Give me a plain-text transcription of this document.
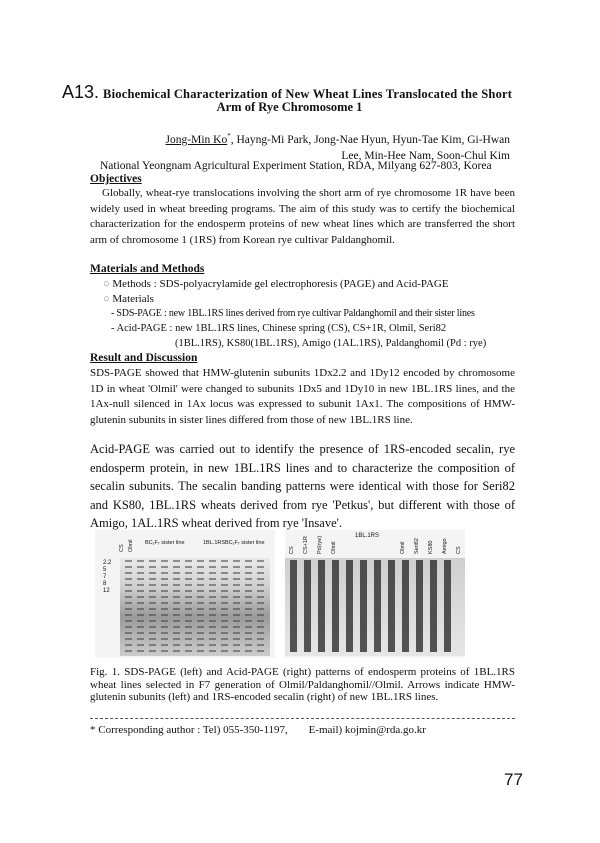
A13. Biochemical Characterization of New Wheat Lines Translocated the Short
Arm of Rye Chromosome 1
Jong-Min Ko*, Hayng-Mi Park, Jong-Nae Hyun, Hyun-Tae Kim, Gi-Hwan
Lee, Min-Hee Nam, Soon-Chul Kim
National Yeongnam Agricultural Experiment Station, RDA, Milyang 627-803, Korea
Objectives
Globally, wheat-rye translocations involving the short arm of rye chromosome 1R have been widely used in wheat breeding programs. The aim of this study was to certify the biochemical characterization for the endosperm proteins of new wheat lines which are transferred the short arm of chromosome 1 (1RS) from Korean rye cultivar Paldanghomil.
Materials and Methods
○ Methods : SDS-polyacrylamide gel electrophoresis (PAGE) and Acid-PAGE
○ Materials
- SDS-PAGE : new 1BL.1RS lines derived from rye cultivar Paldanghomil and their sister lines
- Acid-PAGE : new 1BL.1RS lines, Chinese spring (CS), CS+1R, Olmil, Seri82
(1BL.1RS), KS80(1BL.1RS), Amigo (1AL.1RS), Paldanghomil (Pd : rye)
Result and Discussion
SDS-PAGE showed that HMW-glutenin subunits 1Dx2.2 and 1Dy12 encoded by chromosome 1D in wheat 'Olmil' were changed to subunits 1Dx5 and 1Dy10 in new 1BL.1RS lines, and the 1Ax-null silenced in 1Ax locus was expressed to subunit 1Ax1. The compositions of HMW-glutenin subunits in sister lines differed from those of new 1BL.1RS line.
Acid-PAGE was carried out to identify the presence of 1RS-encoded secalin, rye endosperm protein, in new 1BL.1RS lines and to characterize the composition of secalin subunits. The secalin banding patterns were identical with those for Seri82 and KS80, 1BL.1RS wheats derived from rye 'Petkus', but different with those of Amigo, 1AL.1RS wheat derived from rye 'Insave'.
CS Olmil BC₁F₇ sister line	1BL.1RS BC₁F₇ sister line
2.2
5
7
8
12
CS CS+1R Pd(rye) Olmil
1BL.1RS
Olmil Seri82 KS80 Amigo CS
Fig. 1. SDS-PAGE (left) and Acid-PAGE (right) patterns of endosperm proteins of 1BL.1RS wheat lines selected in F7 generation of Olmil/Paldanghomil//Olmil. Arrows indicate HMW- glutenin subunits (left) and 1RS-encoded secalin (right) of new 1BL.1RS lines.
* Corresponding author : Tel) 055-350-1197, E-mail) kojmin@rda.go.kr
77
